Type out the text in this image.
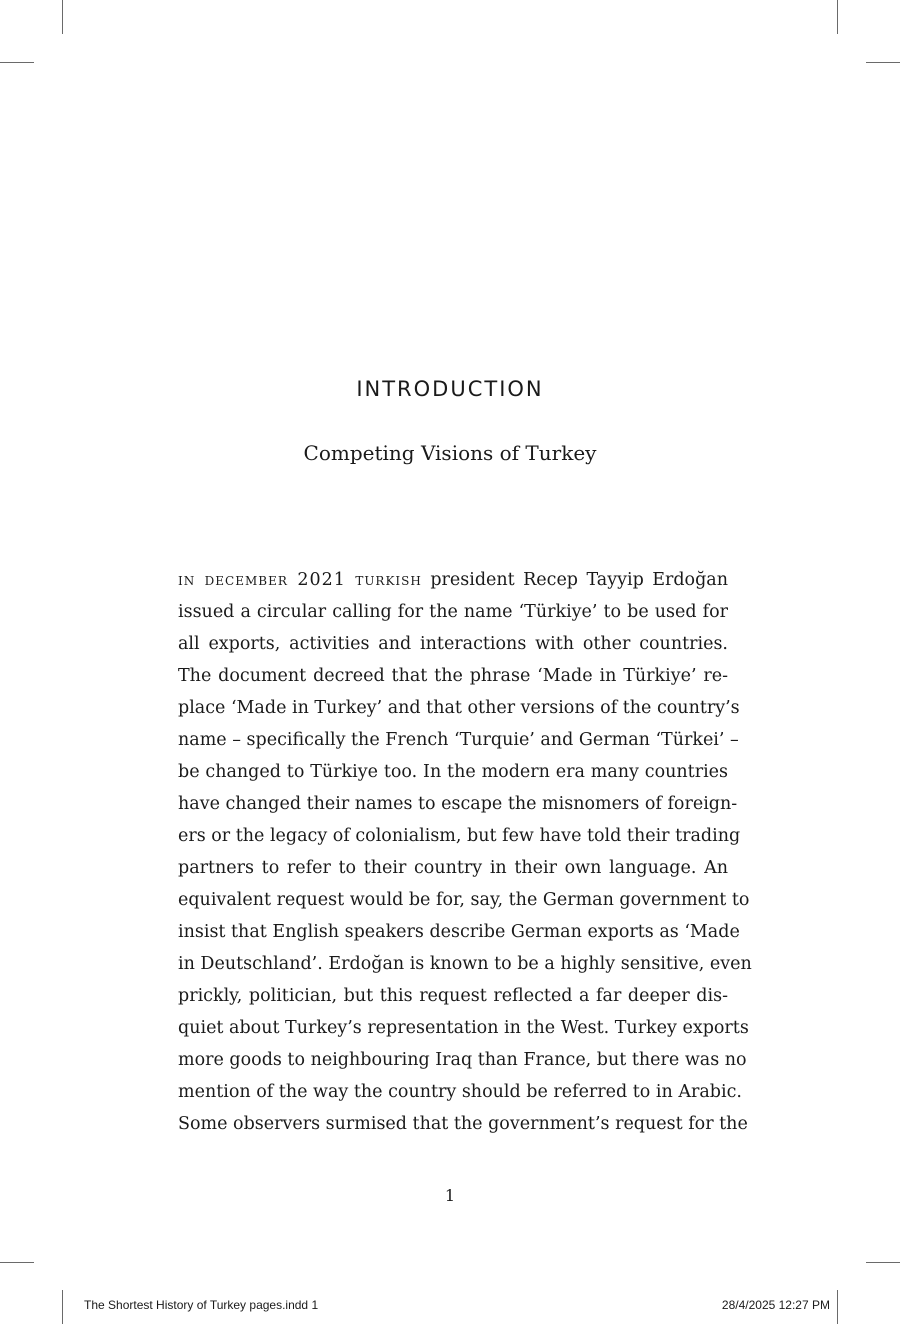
INTRODUCTION
Competing Visions of Turkey
in december 2021 turkish president Recep Tayyip Erdoğan
issued a circular calling for the name ‘Türkiye’ to be used for
all exports, activities and interactions with other countries.
The document decreed that the phrase ‘Made in Türkiye’ re-
place ‘Made in Turkey’ and that other versions of the country’s
name – specifically the French ‘Turquie’ and German ‘Türkei’ –
be changed to Türkiye too. In the modern era many countries
have changed their names to escape the misnomers of foreign-
ers or the legacy of colonialism, but few have told their trading
partners to refer to their country in their own language. An
equivalent request would be for, say, the German government to
insist that English speakers describe German exports as ‘Made
in Deutschland’. Erdoğan is known to be a highly sensitive, even
prickly, politician, but this request reflected a far deeper dis-
quiet about Turkey’s representation in the West. Turkey exports
more goods to neighbouring Iraq than France, but there was no
mention of the way the country should be referred to in Arabic.
Some observers surmised that the government’s request for the
1
The Shortest History of Turkey pages.indd 1	28/4/2025 12:27 PM
